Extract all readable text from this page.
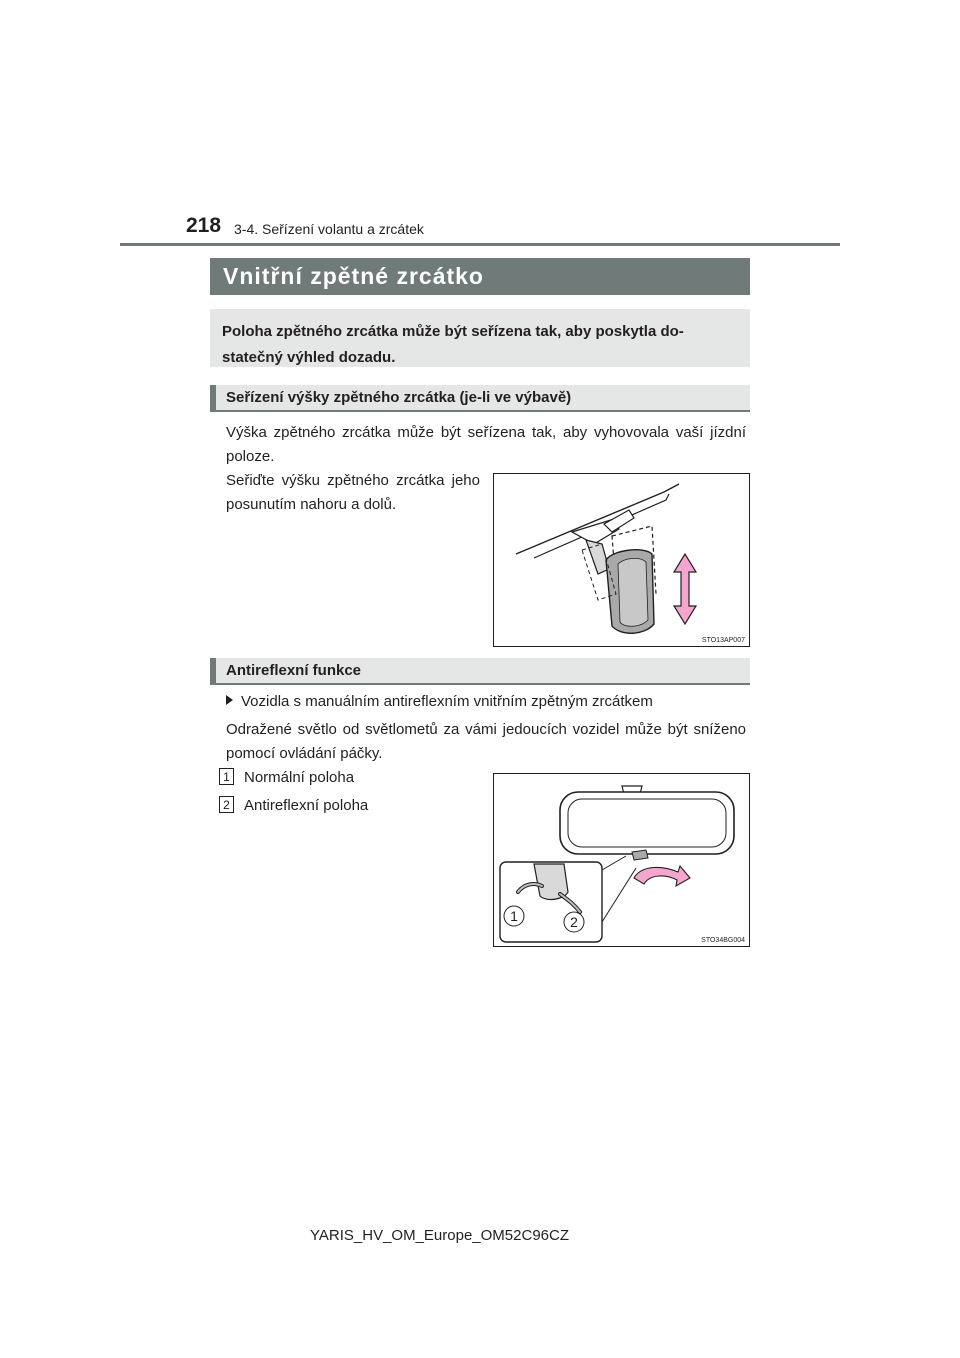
218 3-4. Seřízení volantu a zrcátek
Vnitřní zpětné zrcátko
Poloha zpětného zrcátka může být seřízena tak, aby poskytla do-statečný výhled dozadu.
Seřízení výšky zpětného zrcátka (je-li ve výbavě)
Výška zpětného zrcátka může být seřízena tak, aby vyhovovala vaší jízdní poloze.
Seřiďte výšku zpětného zrcátka jeho posunutím nahoru a dolů.
STO13AP007
Antireflexní funkce
Vozidla s manuálním antireflexním vnitřním zpětným zrcátkem
Odražené světlo od světlometů za vámi jedoucích vozidel může být sníženo pomocí ovládání páčky.
1 Normální poloha
2 Antireflexní poloha
1	2
STO34BG004
YARIS_HV_OM_Europe_OM52C96CZ
